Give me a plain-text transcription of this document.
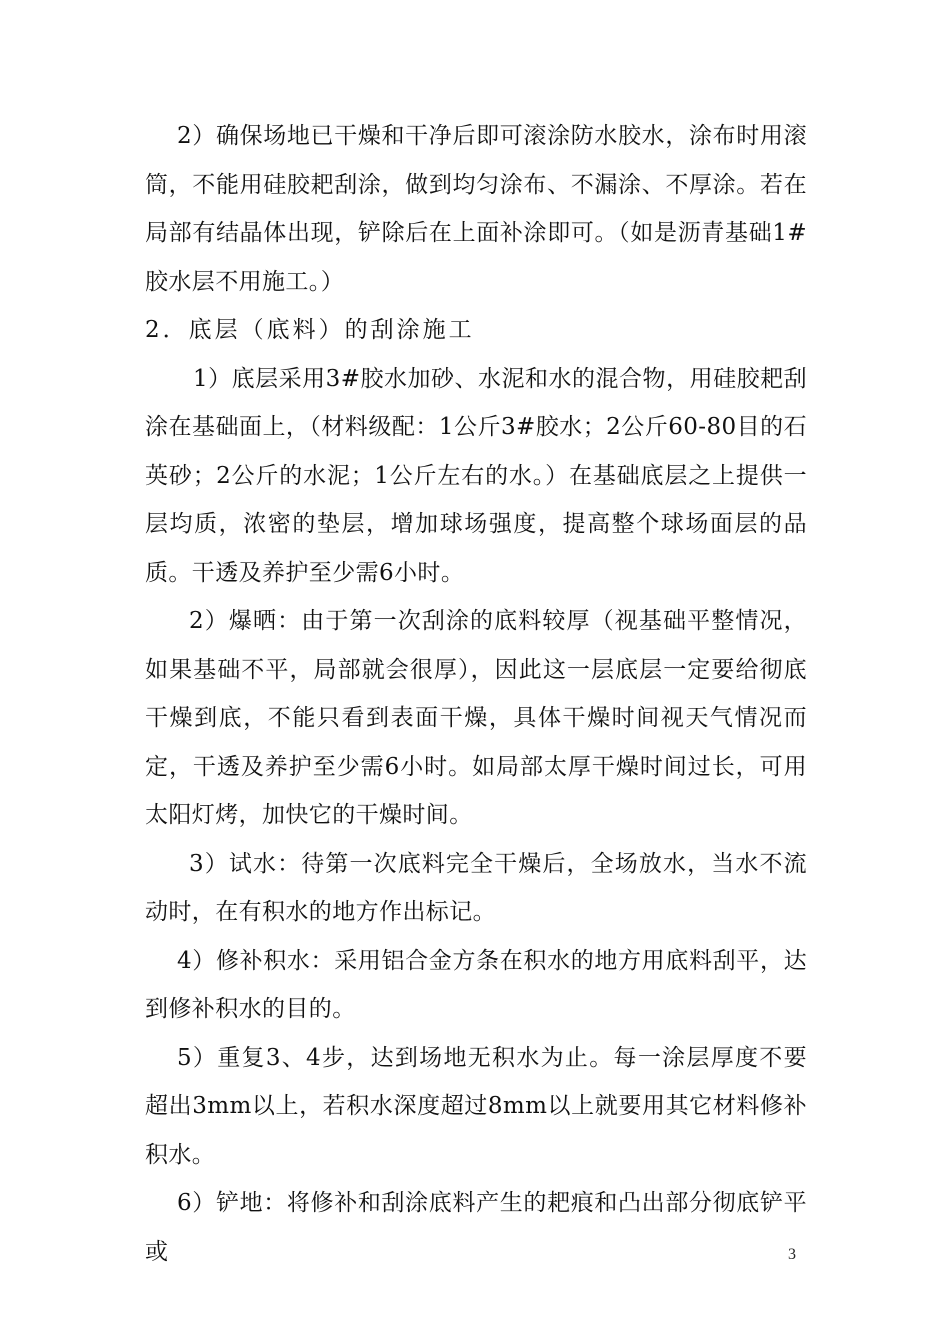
2）确保场地已干燥和干净后即可滚涂防水胶水，涂布时用滚筒，不能用硅胶耙刮涂，做到均匀涂布、不漏涂、不厚涂。若在局部有结晶体出现，铲除后在上面补涂即可。（如是沥青基础1#胶水层不用施工。）

2．底层（底料）的刮涂施工

1）底层采用3#胶水加砂、水泥和水的混合物，用硅胶耙刮涂在基础面上，（材料级配：1公斤3#胶水；2公斤60-80目的石英砂；2公斤的水泥；1公斤左右的水。）在基础底层之上提供一层均质，浓密的垫层，增加球场强度，提高整个球场面层的品质。干透及养护至少需6小时。

2）爆晒：由于第一次刮涂的底料较厚（视基础平整情况，如果基础不平，局部就会很厚），因此这一层底层一定要给彻底干燥到底，不能只看到表面干燥，具体干燥时间视天气情况而定，干透及养护至少需6小时。如局部太厚干燥时间过长，可用太阳灯烤，加快它的干燥时间。

3）试水：待第一次底料完全干燥后，全场放水，当水不流动时，在有积水的地方作出标记。

4）修补积水：采用铝合金方条在积水的地方用底料刮平，达到修补积水的目的。

5）重复3、4步，达到场地无积水为止。每一涂层厚度不要超出3mm以上，若积水深度超过8mm以上就要用其它材料修补积水。

6）铲地：将修补和刮涂底料产生的耙痕和凸出部分彻底铲平或	3
